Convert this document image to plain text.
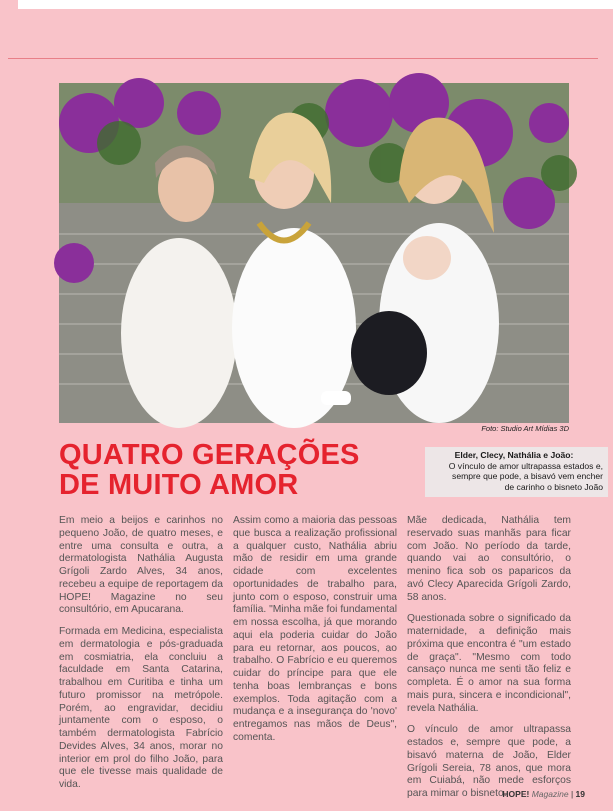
Elder, Clecy, Nathália e João:
O vínculo de amor ultrapassa estados e,
sempre que pode, a bisavó vem encher
de carinho o bisneto João
Foto: Studio Art Mídias 3D
QUATRO GERAÇÕES
DE MUITO AMOR

Em meio a beijos e carinhos no pequeno João, de quatro meses, e entre uma consulta e outra, a dermatologista Nathália Augusta Grígoli Zardo Alves, 34 anos, recebeu a equipe de reportagem da HOPE! Magazine no seu consultório, em Apucarana.

Formada em Medicina, especialista em dermatologia e pós-graduada em cosmiatria, ela concluiu a faculdade em Santa Catarina, trabalhou em Curitiba e tinha um futuro promissor na metrópole. Porém, ao engravidar, decidiu juntamente com o esposo, o também dermatologista Fabrício Devides Alves, 34 anos, morar no interior em prol do filho João, para que ele tivesse mais qualidade de vida.

Assim como a maioria das pessoas que busca a realização profissional a qualquer custo, Nathália abriu mão de residir em uma grande cidade com excelentes oportunidades de trabalho para, junto com o esposo, construir uma família. "Minha mãe foi fundamental em nossa escolha, já que morando aqui ela poderia cuidar do João para eu retornar, aos poucos, ao trabalho. O Fabrício e eu queremos cuidar do príncipe para que ele tenha boas lembranças e bons exemplos. Toda agitação com a mudança e a insegurança do 'novo' entregamos nas mãos de Deus", comenta.

Mãe dedicada, Nathália tem reservado suas manhãs para ficar com João. No período da tarde, quando vai ao consultório, o menino fica sob os paparicos da avó Clecy Aparecida Grígoli Zardo, 58 anos.

Questionada sobre o significado da maternidade, a definição mais próxima que encontra é "um estado de graça". "Mesmo com todo cansaço nunca me senti tão feliz e completa. É o amor na sua forma mais pura, sincera e incondicional", revela Nathália.

O vínculo de amor ultrapassa estados e, sempre que pode, a bisavó materna de João, Elder Grígoli Sereia, 78 anos, que mora em Cuiabá, não mede esforços para mimar o bisneto.

HOPE! Magazine | 19
